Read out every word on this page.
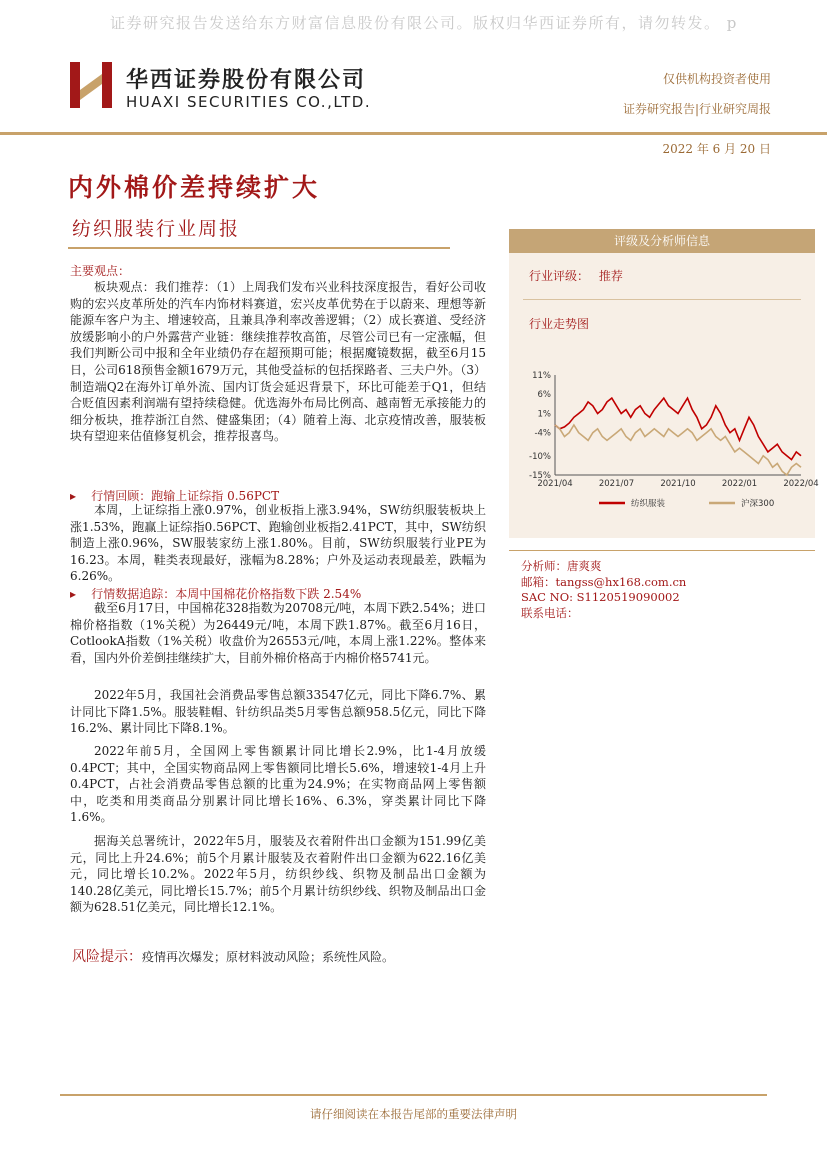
证券研究报告发送给东方财富信息股份有限公司。版权归华西证券所有，请勿转发。 p
华西证券股份有限公司
HUAXI SECURITIES CO.,LTD.
仅供机构投资者使用
证券研究报告|行业研究周报
2022 年 6 月 20 日
内外棉价差持续扩大
纺织服装行业周报
主要观点：

板块观点：我们推荐：（1）上周我们发布兴业科技深度报告，看好公司收购的宏兴皮革所处的汽车内饰材料赛道，宏兴皮革优势在于以蔚来、理想等新能源车客户为主、增速较高，且兼具净利率改善逻辑；（2）成长赛道、受经济放缓影响小的户外露营产业链：继续推荐牧高笛，尽管公司已有一定涨幅，但我们判断公司中报和全年业绩仍存在超预期可能；根据魔镜数据，截至6月15日，公司618预售金额1679万元，其他受益标的包括探路者、三夫户外。（3）制造端Q2在海外订单外流、国内订货会延迟背景下，环比可能差于Q1，但结合贬值因素利润端有望持续稳健。优选海外布局比例高、越南暂无承接能力的细分板块，推荐浙江自然、健盛集团；（4）随着上海、北京疫情改善，服装板块有望迎来估值修复机会，推荐报喜鸟。

▸ 行情回顾：跑输上证综指 0.56PCT

本周，上证综指上涨0.97%，创业板指上涨3.94%，SW纺织服装板块上涨1.53%，跑赢上证综指0.56PCT、跑输创业板指2.41PCT，其中，SW纺织制造上涨0.96%，SW服装家纺上涨1.80%。目前，SW纺织服装行业PE为16.23。本周，鞋类表现最好，涨幅为8.28%；户外及运动表现最差，跌幅为6.26%。

▸ 行情数据追踪：本周中国棉花价格指数下跌 2.54%

截至6月17日，中国棉花328指数为20708元/吨，本周下跌2.54%；进口棉价格指数（1%关税）为26449元/吨，本周下跌1.87%。截至6月16日，CotlookA指数（1%关税）收盘价为26553元/吨，本周上涨1.22%。整体来看，国内外价差倒挂继续扩大，目前外棉价格高于内棉价格5741元。

2022年5月，我国社会消费品零售总额33547亿元，同比下降6.7%、累计同比下降1.5%。服装鞋帽、针纺织品类5月零售总额958.5亿元，同比下降16.2%、累计同比下降8.1%。

2022年前5月，全国网上零售额累计同比增长2.9%，比1-4月放缓0.4PCT；其中，全国实物商品网上零售额同比增长5.6%，增速较1-4月上升0.4PCT，占社会消费品零售总额的比重为24.9%；在实物商品网上零售额中，吃类和用类商品分别累计同比增长16%、6.3%，穿类累计同比下降1.6%。

据海关总署统计，2022年5月，服装及衣着附件出口金额为151.99亿美元，同比上升24.6%；前5个月累计服装及衣着附件出口金额为622.16亿美元，同比增长10.2%。2022年5月，纺织纱线、织物及制品出口金额为140.28亿美元，同比增长15.7%；前5个月累计纺织纱线、织物及制品出口金额为628.51亿美元，同比增长12.1%。

风险提示：疫情再次爆发；原材料波动风险；系统性风险。
评级及分析师信息
行业评级： 推荐
行业走势图
11%
6%
1%
-4%
-10%
-15%
2021/04	2021/07	2021/10	2022/01	2022/04
纺织服装	沪深300
分析师：唐爽爽
邮箱：tangss@hx168.com.cn
SAC NO: S1120519090002
联系电话：
请仔细阅读在本报告尾部的重要法律声明
